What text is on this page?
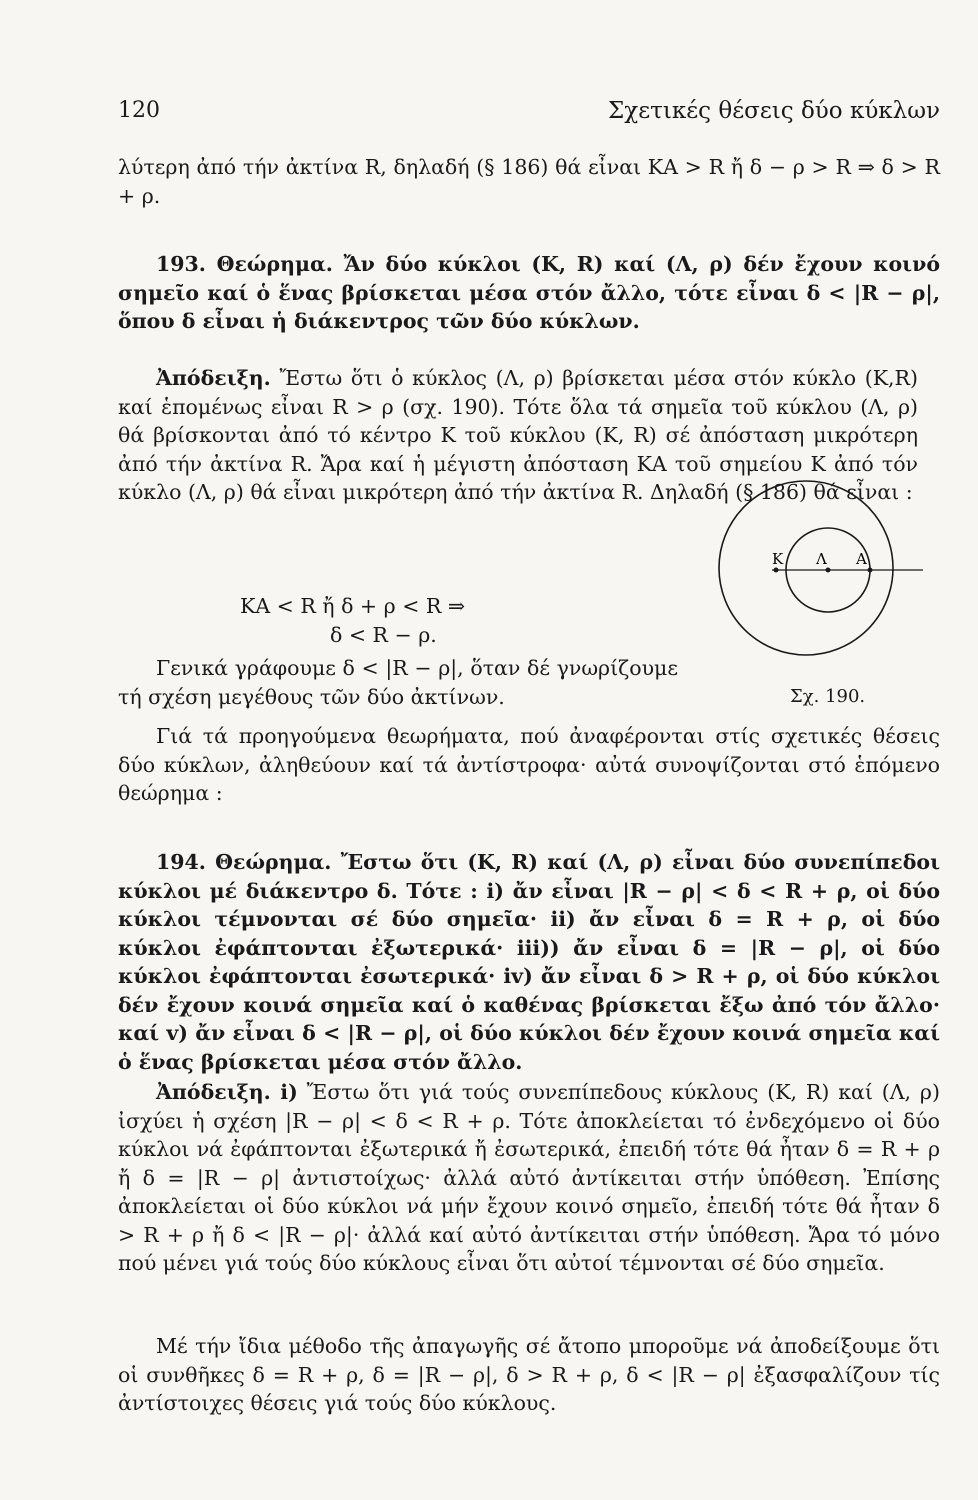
120	Σχετικές θέσεις δύο κύκλων

λύτερη ἀπό τήν ἀκτίνα R, δηλαδή (§ 186) θά εἶναι ΚΑ > R ἤ δ − ρ > R ⇒ δ > R + ρ.

193. Θεώρημα. Ἄν δύο κύκλοι (K, R) καί (Λ, ρ) δέν ἔχουν κοινό σημεῖο καί ὁ ἕνας βρίσκεται μέσα στόν ἄλλο, τότε εἶναι δ < |R − ρ|, ὅπου δ εἶναι ἡ διάκεντρος τῶν δύο κύκλων.

Ἀπόδειξη. Ἔστω ὅτι ὁ κύκλος (Λ, ρ) βρίσκεται μέσα στόν κύκλο (K,R) καί ἑπομένως εἶναι R > ρ (σχ. 190). Τότε ὅλα τά σημεῖα τοῦ κύκλου (Λ, ρ) θά βρίσκονται ἀπό τό κέντρο K τοῦ κύκλου (K, R) σέ ἀπόσταση μικρότερη ἀπό τήν ἀκτίνα R. Ἄρα καί ἡ μέγιστη ἀπόσταση ΚΑ τοῦ σημείου K ἀπό τόν κύκλο (Λ, ρ) θά εἶναι μικρότερη ἀπό τήν ἀκτίνα R. Δηλαδή (§ 186) θά εἶναι :

ΚΑ < R ἤ δ + ρ < R ⇒
δ < R − ρ.

Γενικά γράφουμε δ < |R − ρ|, ὅταν δέ γνωρίζουμε τή σχέση μεγέθους τῶν δύο ἀκτίνων.

Κ Λ Α
Σχ. 190.

Γιά τά προηγούμενα θεωρήματα, πού ἀναφέρονται στίς σχετικές θέσεις δύο κύκλων, ἀληθεύουν καί τά ἀντίστροφα· αὐτά συνοψίζονται στό ἑπόμενο θεώρημα :

194. Θεώρημα. Ἔστω ὅτι (K, R) καί (Λ, ρ) εἶναι δύο συνεπίπεδοι κύκλοι μέ διάκεντρο δ. Τότε : i) ἄν εἶναι |R − ρ| < δ < R + ρ, οἱ δύο κύκλοι τέμνονται σέ δύο σημεῖα· ii) ἄν εἶναι δ = R + ρ, οἱ δύο κύκλοι ἐφάπτονται ἐξωτερικά· iii)) ἄν εἶναι δ = |R − ρ|, οἱ δύο κύκλοι ἐφάπτονται ἐσωτερικά· iv) ἄν εἶναι δ > R + ρ, οἱ δύο κύκλοι δέν ἔχουν κοινά σημεῖα καί ὁ καθένας βρίσκεται ἔξω ἀπό τόν ἄλλο· καί v) ἄν εἶναι δ < |R − ρ|, οἱ δύο κύκλοι δέν ἔχουν κοινά σημεῖα καί ὁ ἕνας βρίσκεται μέσα στόν ἄλλο.

Ἀπόδειξη. i) Ἔστω ὅτι γιά τούς συνεπίπεδους κύκλους (K, R) καί (Λ, ρ) ἰσχύει ἡ σχέση |R − ρ| < δ < R + ρ. Τότε ἀποκλείεται τό ἐνδεχόμενο οἱ δύο κύκλοι νά ἐφάπτονται ἐξωτερικά ἤ ἐσωτερικά, ἐπειδή τότε θά ἦταν δ = R + ρ ἤ δ = |R − ρ| ἀντιστοίχως· ἀλλά αὐτό ἀντίκειται στήν ὑπόθεση. Ἐπίσης ἀποκλείεται οἱ δύο κύκλοι νά μήν ἔχουν κοινό σημεῖο, ἐπειδή τότε θά ἦταν δ > R + ρ ἤ δ < |R − ρ|· ἀλλά καί αὐτό ἀντίκειται στήν ὑπόθεση. Ἄρα τό μόνο πού μένει γιά τούς δύο κύκλους εἶναι ὅτι αὐτοί τέμνονται σέ δύο σημεῖα.

Μέ τήν ἴδια μέθοδο τῆς ἀπαγωγῆς σέ ἄτοπο μποροῦμε νά ἀποδείξουμε ὅτι οἱ συνθῆκες δ = R + ρ, δ = |R − ρ|, δ > R + ρ, δ < |R − ρ| ἐξασφαλίζουν τίς ἀντίστοιχες θέσεις γιά τούς δύο κύκλους.
